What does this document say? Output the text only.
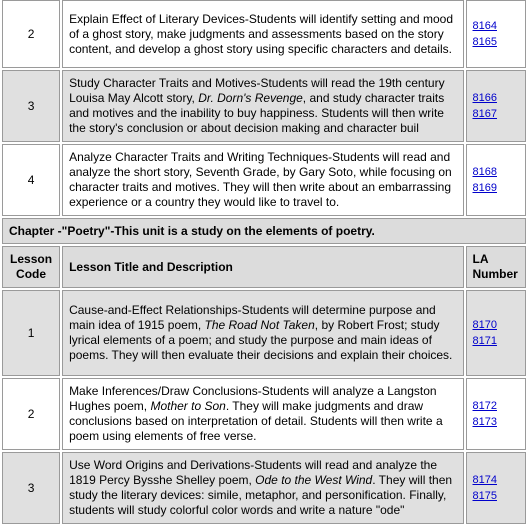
2	Explain Effect of Literary Devices-Students will identify setting and mood of a ghost story, make judgments and assessments based on the story content, and develop a ghost story using specific characters and details.	8164
8165

3	Study Character Traits and Motives-Students will read the 19th century Louisa May Alcott story, Dr. Dorn's Revenge, and study character traits and motives and the inability to buy happiness. Students will then write the story's conclusion or about decision making and character buil	8166
8167

4	Analyze Character Traits and Writing Techniques-Students will read and analyze the short story, Seventh Grade, by Gary Soto, while focusing on character traits and motives. They will then write about an embarrassing experience or a country they would like to travel to.	8168
8169

Chapter -"Poetry"-This unit is a study on the elements of poetry.		
Lesson Code	Lesson Title and Description	LA Number
1	Cause-and-Effect Relationships-Students will determine purpose and main idea of 1915 poem, The Road Not Taken, by Robert Frost; study lyrical elements of a poem; and study the purpose and main ideas of poems. They will then evaluate their decisions and explain their choices.	8170
8171

2	Make Inferences/Draw Conclusions-Students will analyze a Langston Hughes poem, Mother to Son. They will make judgments and draw conclusions based on interpretation of detail. Students will then write a poem using elements of free verse.	8172
8173

3	Use Word Origins and Derivations-Students will read and analyze the 1819 Percy Bysshe Shelley poem, Ode to the West Wind. They will then study the literary devices: simile, metaphor, and personification. Finally, students will study colorful color words and write a nature "ode"	8174
8175
